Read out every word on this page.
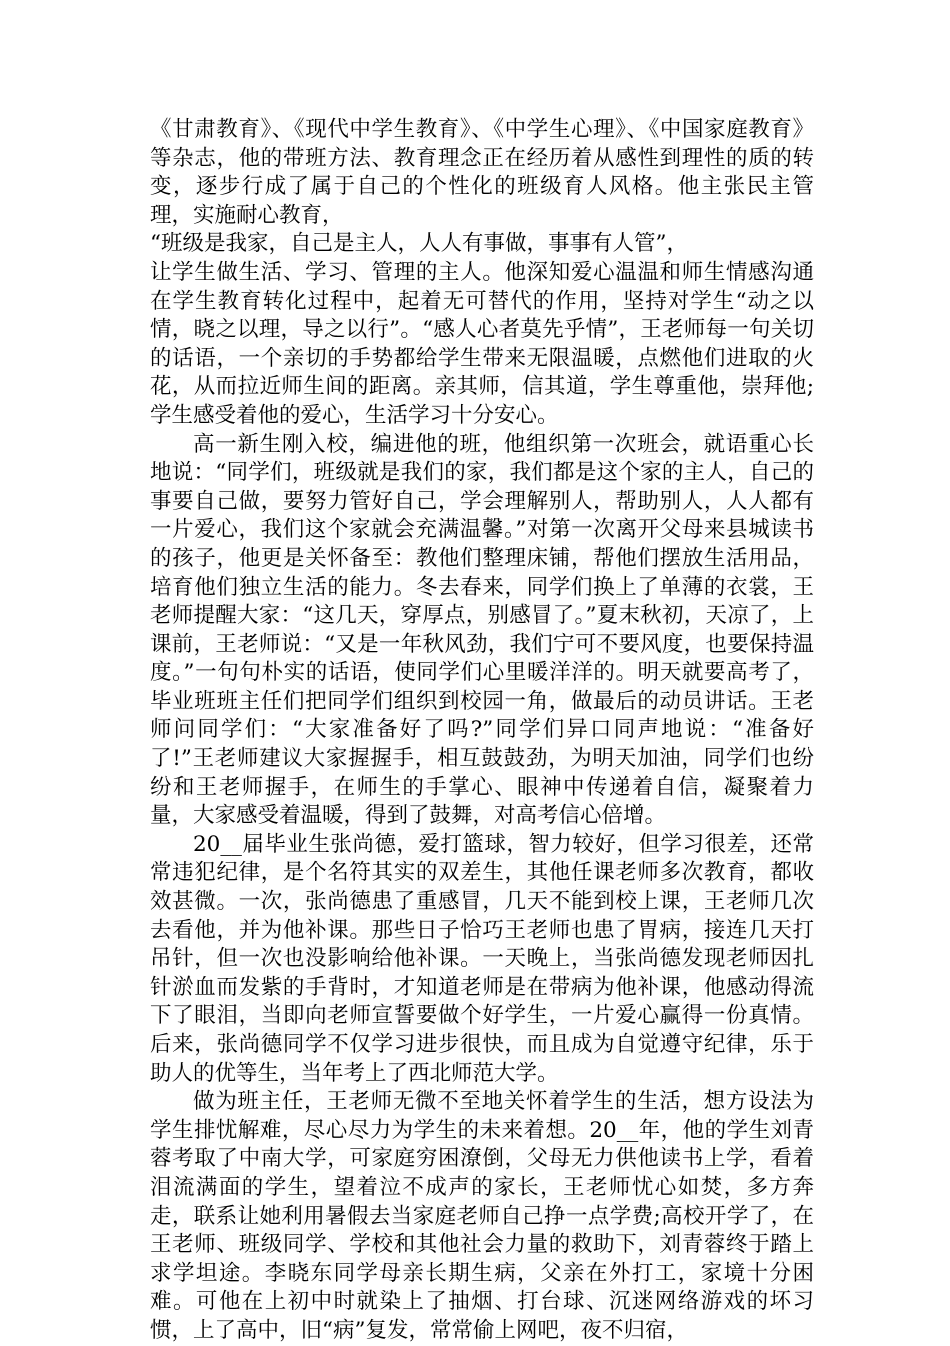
《甘肃教育》、《现代中学生教育》、《中学生心理》、《中国家庭教育》等杂志，他的带班方法、教育理念正在经历着从感性到理性的质的转变，逐步行成了属于自己的个性化的班级育人风格。他主张民主管理，实施耐心教育，

“班级是我家，自己是主人，人人有事做，事事有人管”，

让学生做生活、学习、管理的主人。他深知爱心温温和师生情感沟通在学生教育转化过程中，起着无可替代的作用，坚持对学生“动之以情，晓之以理，导之以行”。“感人心者莫先乎情”，王老师每一句关切的话语，一个亲切的手势都给学生带来无限温暖，点燃他们进取的火花，从而拉近师生间的距离。亲其师，信其道，学生尊重他，崇拜他;学生感受着他的爱心，生活学习十分安心。

高一新生刚入校，编进他的班，他组织第一次班会，就语重心长地说：“同学们，班级就是我们的家，我们都是这个家的主人，自己的事要自己做，要努力管好自己，学会理解别人，帮助别人，人人都有一片爱心，我们这个家就会充满温馨。”对第一次离开父母来县城读书的孩子，他更是关怀备至：教他们整理床铺，帮他们摆放生活用品，培育他们独立生活的能力。冬去春来，同学们换上了单薄的衣裳，王老师提醒大家：“这几天，穿厚点，别感冒了。”夏末秋初，天凉了，上课前，王老师说：“又是一年秋风劲，我们宁可不要风度，也要保持温度。”一句句朴实的话语，使同学们心里暖洋洋的。明天就要高考了，毕业班班主任们把同学们组织到校园一角，做最后的动员讲话。王老师问同学们：“大家准备好了吗?”同学们异口同声地说：“准备好了!”王老师建议大家握握手，相互鼓鼓劲，为明天加油，同学们也纷纷和王老师握手，在师生的手掌心、眼神中传递着自信，凝聚着力量，大家感受着温暖，得到了鼓舞，对高考信心倍增。

20__届毕业生张尚德，爱打篮球，智力较好，但学习很差，还常常违犯纪律，是个名符其实的双差生，其他任课老师多次教育，都收效甚微。一次，张尚德患了重感冒，几天不能到校上课，王老师几次去看他，并为他补课。那些日子恰巧王老师也患了胃病，接连几天打吊针，但一次也没影响给他补课。一天晚上，当张尚德发现老师因扎针淤血而发紫的手背时，才知道老师是在带病为他补课，他感动得流下了眼泪，当即向老师宣誓要做个好学生，一片爱心赢得一份真情。后来，张尚德同学不仅学习进步很快，而且成为自觉遵守纪律，乐于助人的优等生，当年考上了西北师范大学。

做为班主任，王老师无微不至地关怀着学生的生活，想方设法为学生排忧解难，尽心尽力为学生的未来着想。20__年，他的学生刘青蓉考取了中南大学，可家庭穷困潦倒，父母无力供他读书上学，看着泪流满面的学生，望着泣不成声的家长，王老师忧心如焚，多方奔走，联系让她利用暑假去当家庭老师自己挣一点学费;高校开学了，在王老师、班级同学、学校和其他社会力量的救助下，刘青蓉终于踏上求学坦途。李晓东同学母亲长期生病，父亲在外打工，家境十分困难。可他在上初中时就染上了抽烟、打台球、沉迷网络游戏的坏习惯，上了高中，旧“病”复发，常常偷上网吧，夜不归宿，
